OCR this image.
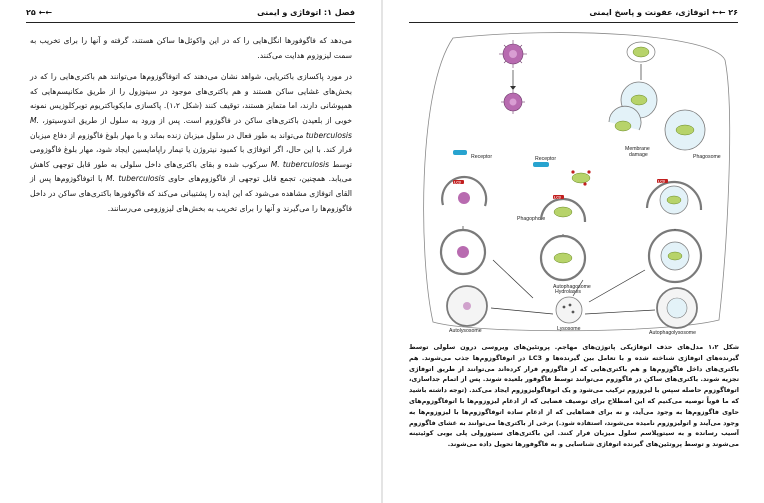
فصل ۱: اتوفاژی و ایمنی
۲۵ ←←

می‌دهد که فاگوفورها انگل‌هایی را که در این واکوئل‌ها ساکن هستند، گرفته و آنها را برای تخریب به سمت لیزوزوم هدایت می‌کنند.

در مورد پاکسازی باکتریایی، شواهد نشان می‌دهند که اتوفاگوزوم‌ها می‌توانند هم باکتری‌هایی را که در بخش‌های غشایی ساکن هستند و هم باکتری‌های موجود در سیتوزول را از طریق مکانیسم‌هایی که همپوشانی دارند، اما متمایز هستند، توقیف کنند (شکل ۱،۲). پاکسازی مایکوباکتریوم توبرکلوزیس نمونه خوبی از بلعیدن باکتری‌های ساکن در فاگوزوم است. پس از ورود به سلول از طریق اندوسیتوز، M. tuberculosis می‌تواند به طور فعال در سلول میزبان زنده بماند و با مهار بلوغ فاگوزوم از دفاع میزبان فرار کند. با این حال، اگر اتوفاژی با کمبود نیتروژن یا تیمار راپامایسین ایجاد شود، مهار بلوغ فاگوزومی توسط M. tuberculosis سرکوب شده و بقای باکتری‌های داخل سلولی به طور قابل توجهی کاهش می‌یابد. همچنین، تجمع قابل توجهی از فاگوزوم‌های حاوی M. tuberculosis با اتوفاگوزوم‌ها پس از القای اتوفاژی مشاهده می‌شود که این ایده را پشتیبانی می‌کند که فاگوفورها باکتری‌های ساکن در داخل فاگوزوم‌ها را می‌گیرند و آنها را برای تخریب به بخش‌های لیزوزومی می‌رسانند.

۲۶ ←← اتوفاژی، عفونت و پاسخ ایمنی
Receptor	Receptor	Phagosome
Membrane
damage
LC3
Phagophore
LC3
LC3
Autophagosome
Hydrolases
Lysosome
Autolysosome	Autophagolysosome
شکل ۱،۲ مدل‌های حذف اتوفاژیکی پاتوژن‌های مهاجم. پروتئین‌های ویروسی درون سلولی توسط گیرنده‌های اتوفاژی شناخته شده و با تعامل بین گیرنده‌ها و LC3 در اتوفاگوزوم‌ها جذب می‌شوند. هم باکتری‌های داخل فاگوزوم‌ها و هم باکتری‌هایی که از فاگوزوم فرار کرده‌اند می‌توانند از طریق اتوفاژی تجزیه شوند. باکتری‌های ساکن در فاگوزوم می‌توانند توسط فاگوفور بلعیده شوند. پس از اتمام جداسازی، اتوفاگوزوم حاصله سپس با لیزوزوم ترکیب می‌شود و یک اتوفاگولیزوزوم ایجاد می‌کند. (توجه داشته باشید که ما قویاً توصیه می‌کنیم که این اصطلاح برای توصیف فضایی که از ادغام لیزوزوم‌ها با اتوفاگوزوم‌های حاوی فاگوزوم‌ها به وجود می‌آید، و نه برای فضاهایی که از ادغام ساده اتوفاگوزوم‌ها با لیزوزوم‌ها به وجود می‌آیند و اتولیزوزوم نامیده می‌شوند، استفاده شود.) برخی از باکتری‌ها می‌توانند به غشای فاگوزوم آسیب رسانده و به سیتوپلاسم سلول میزبان فرار کنند. این باکتری‌های سیتوزولی پلی یوبی کوئیتینه می‌شوند و توسط پروتئین‌های گیرنده اتوفاژی شناسایی و به فاگوفورها تحویل داده می‌شوند.
